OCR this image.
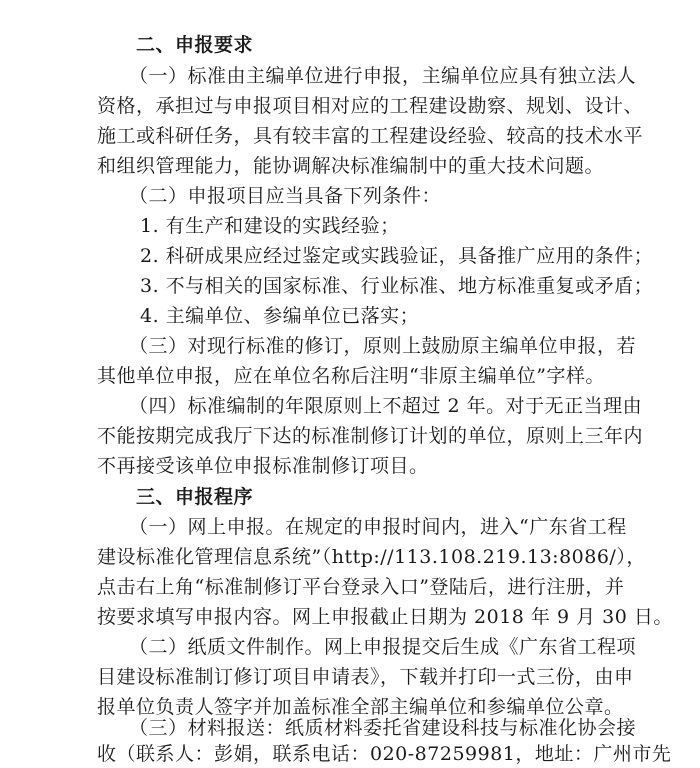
二、申报要求
（一）标准由主编单位进行申报，主编单位应具有独立法人
资格，承担过与申报项目相对应的工程建设勘察、规划、设计、
施工或科研任务，具有较丰富的工程建设经验、较高的技术水平
和组织管理能力，能协调解决标准编制中的重大技术问题。
（二）申报项目应当具备下列条件：
1. 有生产和建设的实践经验；
2. 科研成果应经过鉴定或实践验证，具备推广应用的条件；
3. 不与相关的国家标准、行业标准、地方标准重复或矛盾；
4. 主编单位、参编单位已落实；
（三）对现行标准的修订，原则上鼓励原主编单位申报，若
其他单位申报，应在单位名称后注明“非原主编单位”字样。
（四）标准编制的年限原则上不超过 2 年。对于无正当理由
不能按期完成我厅下达的标准制修订计划的单位，原则上三年内
不再接受该单位申报标准制修订项目。
三、申报程序
（一）网上申报。在规定的申报时间内，进入“广东省工程
建设标准化管理信息系统”（http://113.108.219.13:8086/），
点击右上角“标准制修订平台登录入口”登陆后，进行注册，并
按要求填写申报内容。网上申报截止日期为 2018 年 9 月 30 日。
（二）纸质文件制作。网上申报提交后生成《广东省工程项
目建设标准制订修订项目申请表》，下载并打印一式三份，由申
报单位负责人签字并加盖标准全部主编单位和参编单位公章。
（三）材料报送：纸质材料委托省建设科技与标准化协会接
收（联系人：彭娟，联系电话：020-87259981，地址：广州市先
